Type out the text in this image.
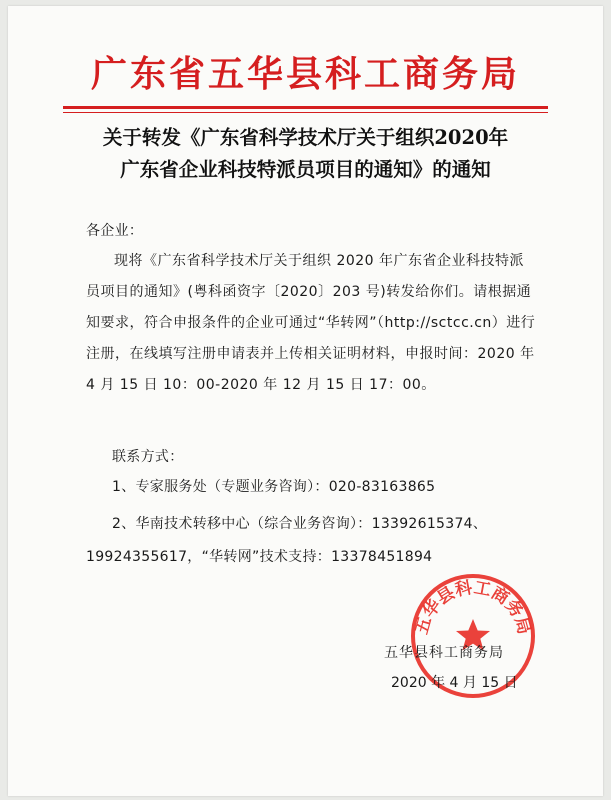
广东省五华县科工商务局
关于转发《广东省科学技术厅关于组织2020年
广东省企业科技特派员项目的通知》的通知
各企业：
现将《广东省科学技术厅关于组织 2020 年广东省企业科技特派员项目的通知》(粤科函资字〔2020〕203 号)转发给你们。请根据通知要求，符合申报条件的企业可通过“华转网”（http://sctcc.cn）进行注册，在线填写注册申请表并上传相关证明材料，申报时间：2020 年 4 月 15 日 10：00-2020 年 12 月 15 日 17：00。
联系方式：
1、专家服务处（专题业务咨询）：020-83163865
2、华南技术转移中心（综合业务咨询）：13392615374、
19924355617，“华转网”技术支持：13378451894
五华县科工商务局
五华县科工商务局
2020 年 4 月 15 日
